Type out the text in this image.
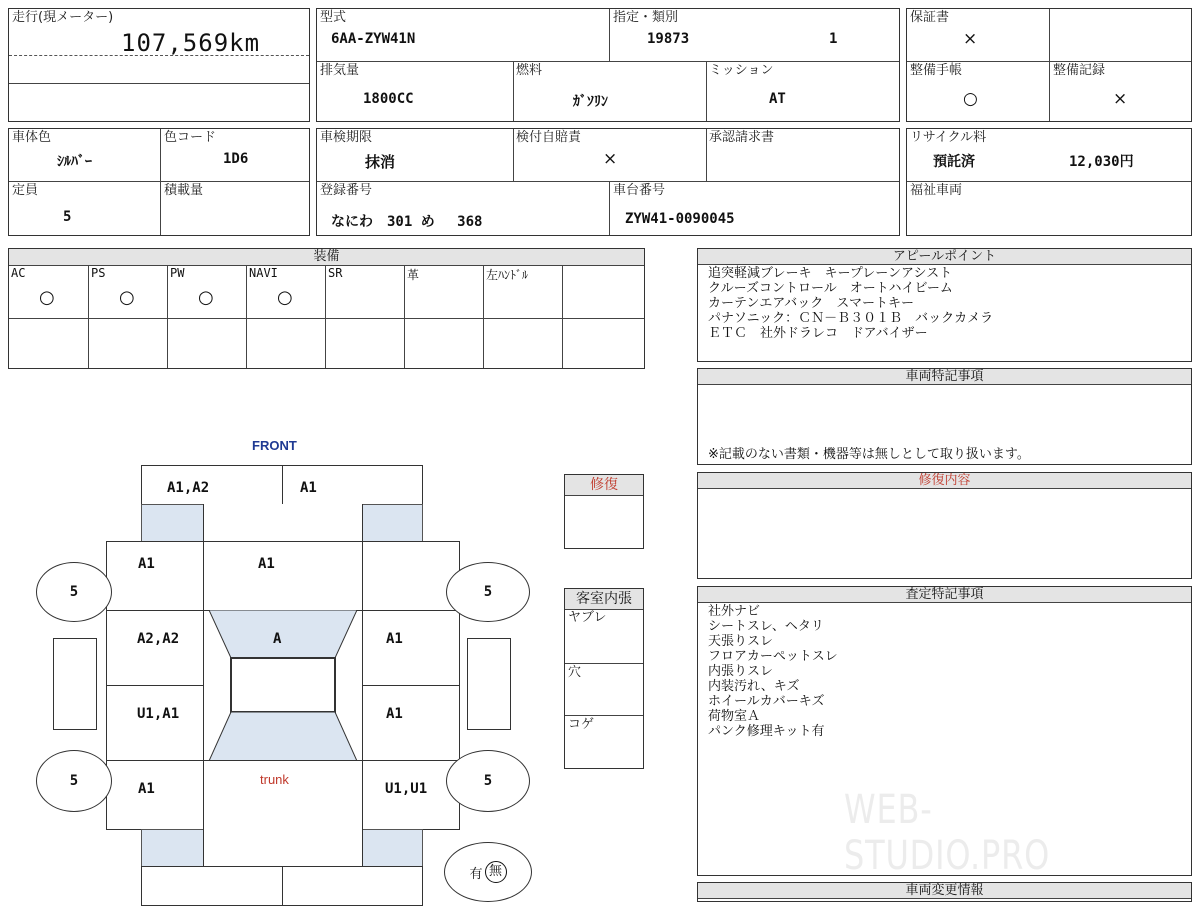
走行(現メーター)
107,569km
型式
6AA-ZYW41N
指定・類別
19873	1
排気量
1800CC
燃料
ｶﾞｿﾘﾝ
ミッション
AT
保証書
×
整備手帳
○
整備記録
×
車体色
ｼﾙﾊﾞｰ
色コード
1D6
定員
5
積載量
車検期限
抹消
検付自賠責
×
承認請求書
登録番号
なにわ　301 め　 368
車台番号
ZYW41-0090045
リサイクル料
預託済	12,030円
福祉車両
装備
AC
○
PS
○
PW
○
NAVI
○
SR	革	左ﾊﾝﾄﾞﾙ
アピールポイント
追突軽減ブレーキ　キープレーンアシスト
クルーズコントロール　オートハイビーム
カーテンエアバック　スマートキー
パナソニック：ＣＮ－Ｂ３０１Ｂ　バックカメラ
ＥＴＣ　社外ドラレコ　ドアバイザー
車両特記事項
※記載のない書類・機器等は無しとして取り扱います。
修復内容
査定特記事項
社外ナビ
シートスレ、ヘタリ
天張りスレ
フロアカーペットスレ
内張りスレ
内装汚れ、キズ
ホイールカバーキズ
荷物室Ａ
パンク修理キット有
WEB-STUDIO.PRO
車両変更情報
修復
客室内張
ヤブレ
穴
コゲ
FRONT
A1,A2	A1
A1	A1
A
A2,A2	A1
U1,A1	A1
A1
trunk
U1,U1
5	5
5	5
有 無
